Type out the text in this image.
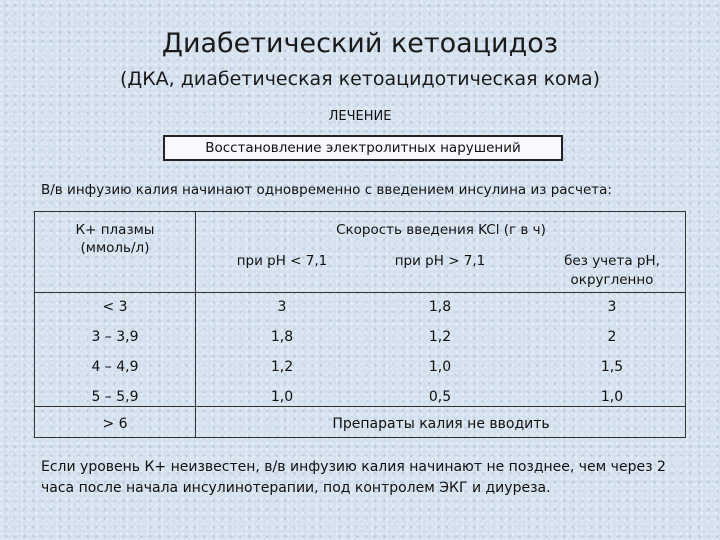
Диабетический кетоацидоз
(ДКА, диабетическая кетоацидотическая кома)
ЛЕЧЕНИЕ
Восстановление электролитных нарушений
В/в инфузию калия начинают одновременно с введением инсулина из расчета:
К+ плазмы
(ммоль/л)
Скорость введения KCl (г в ч)
при рН < 7,1	при рН > 7,1	без учета рН,
округленно
< 3	3	1,8	3
3 – 3,9	1,8	1,2	2
4 – 4,9	1,2	1,0	1,5
5 – 5,9	1,0	0,5	1,0
> 6	Препараты калия не вводить
Если уровень К+ неизвестен, в/в инфузию калия начинают не позднее, чем через 2
часа после начала инсулинотерапии, под контролем ЭКГ и диуреза.
